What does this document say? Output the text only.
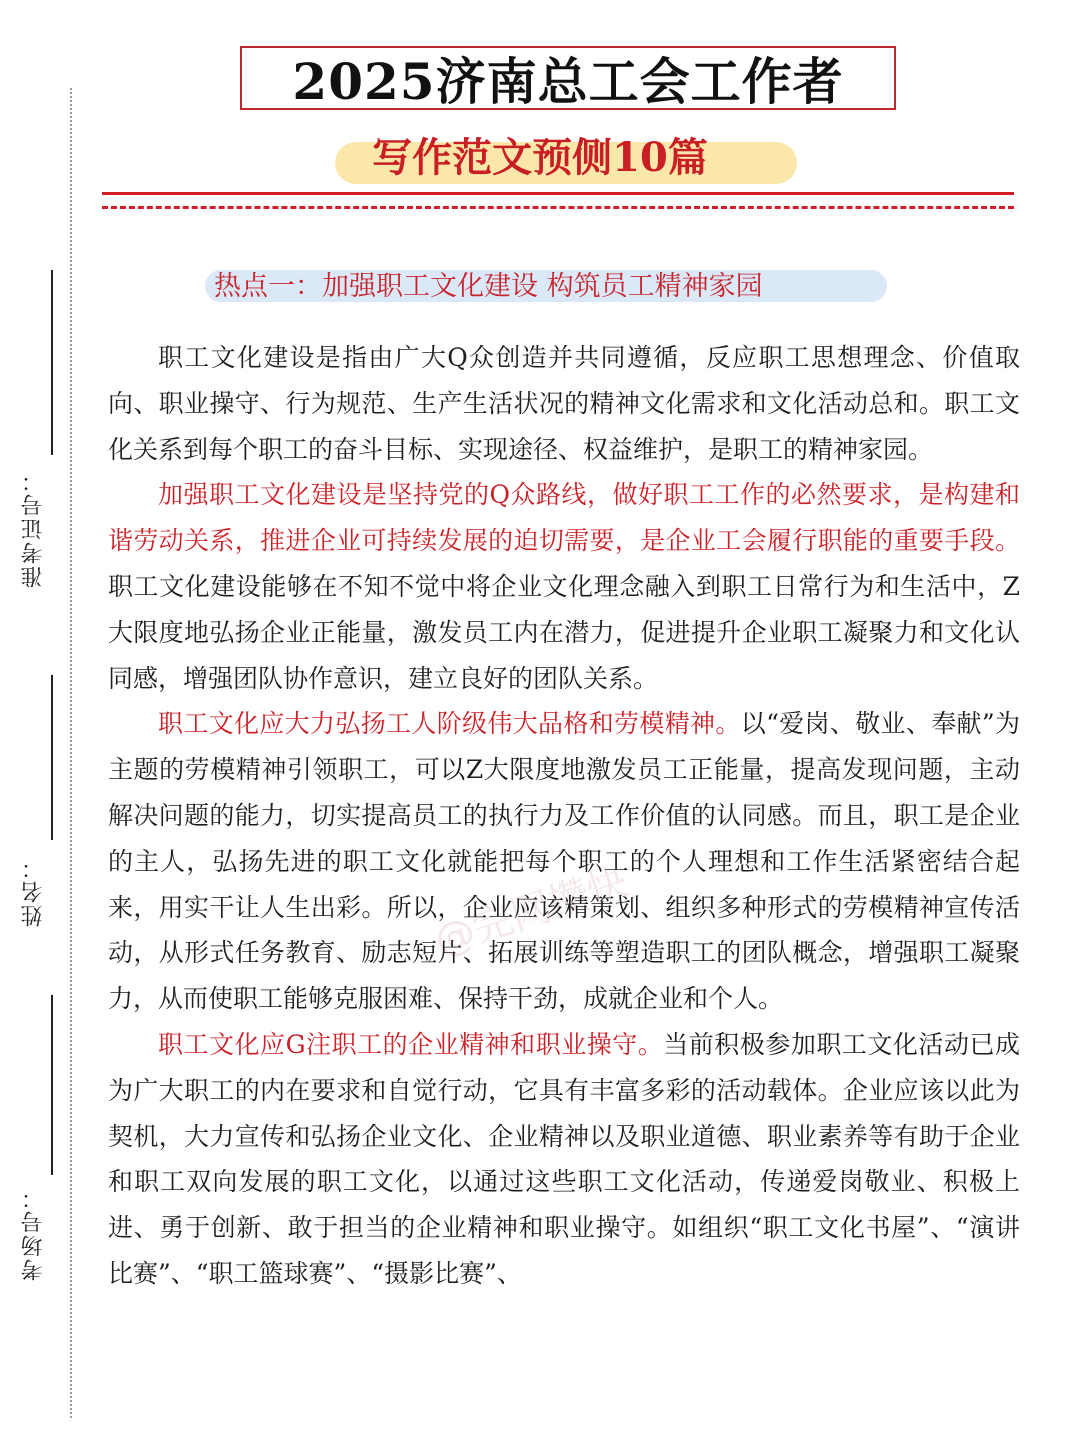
准考证号：
姓名：
考场号：
2025济南总工会工作者
写作范文预侧10篇
热点一：加强职工文化建设 构筑员工精神家园
@完网攒快

职工文化建设是指由广大Q众创造并共同遵循，反应职工思想理念、价值取向、职业操守、行为规范、生产生活状况的精神文化需求和文化活动总和。职工文化关系到每个职工的奋斗目标、实现途径、权益维护，是职工的精神家园。

加强职工文化建设是坚持党的Q众路线，做好职工工作的必然要求，是构建和谐劳动关系，推进企业可持续发展的迫切需要，是企业工会履行职能的重要手段。职工文化建设能够在不知不觉中将企业文化理念融入到职工日常行为和生活中，Z大限度地弘扬企业正能量，激发员工内在潜力，促进提升企业职工凝聚力和文化认同感，增强团队协作意识，建立良好的团队关系。

职工文化应大力弘扬工人阶级伟大品格和劳模精神。以“爱岗、敬业、奉献”为主题的劳模精神引领职工，可以Z大限度地激发员工正能量，提高发现问题，主动解决问题的能力，切实提高员工的执行力及工作价值的认同感。而且，职工是企业的主人，弘扬先进的职工文化就能把每个职工的个人理想和工作生活紧密结合起来，用实干让人生出彩。所以，企业应该精策划、组织多种形式的劳模精神宣传活动，从形式任务教育、励志短片、拓展训练等塑造职工的团队概念，增强职工凝聚力，从而使职工能够克服困难、保持干劲，成就企业和个人。

职工文化应G注职工的企业精神和职业操守。当前积极参加职工文化活动已成为广大职工的内在要求和自觉行动，它具有丰富多彩的活动载体。企业应该以此为契机，大力宣传和弘扬企业文化、企业精神以及职业道德、职业素养等有助于企业和职工双向发展的职工文化，以通过这些职工文化活动，传递爱岗敬业、积极上进、勇于创新、敢于担当的企业精神和职业操守。如组织“职工文化书屋”、“演讲比赛”、“职工篮球赛”、“摄影比赛”、
